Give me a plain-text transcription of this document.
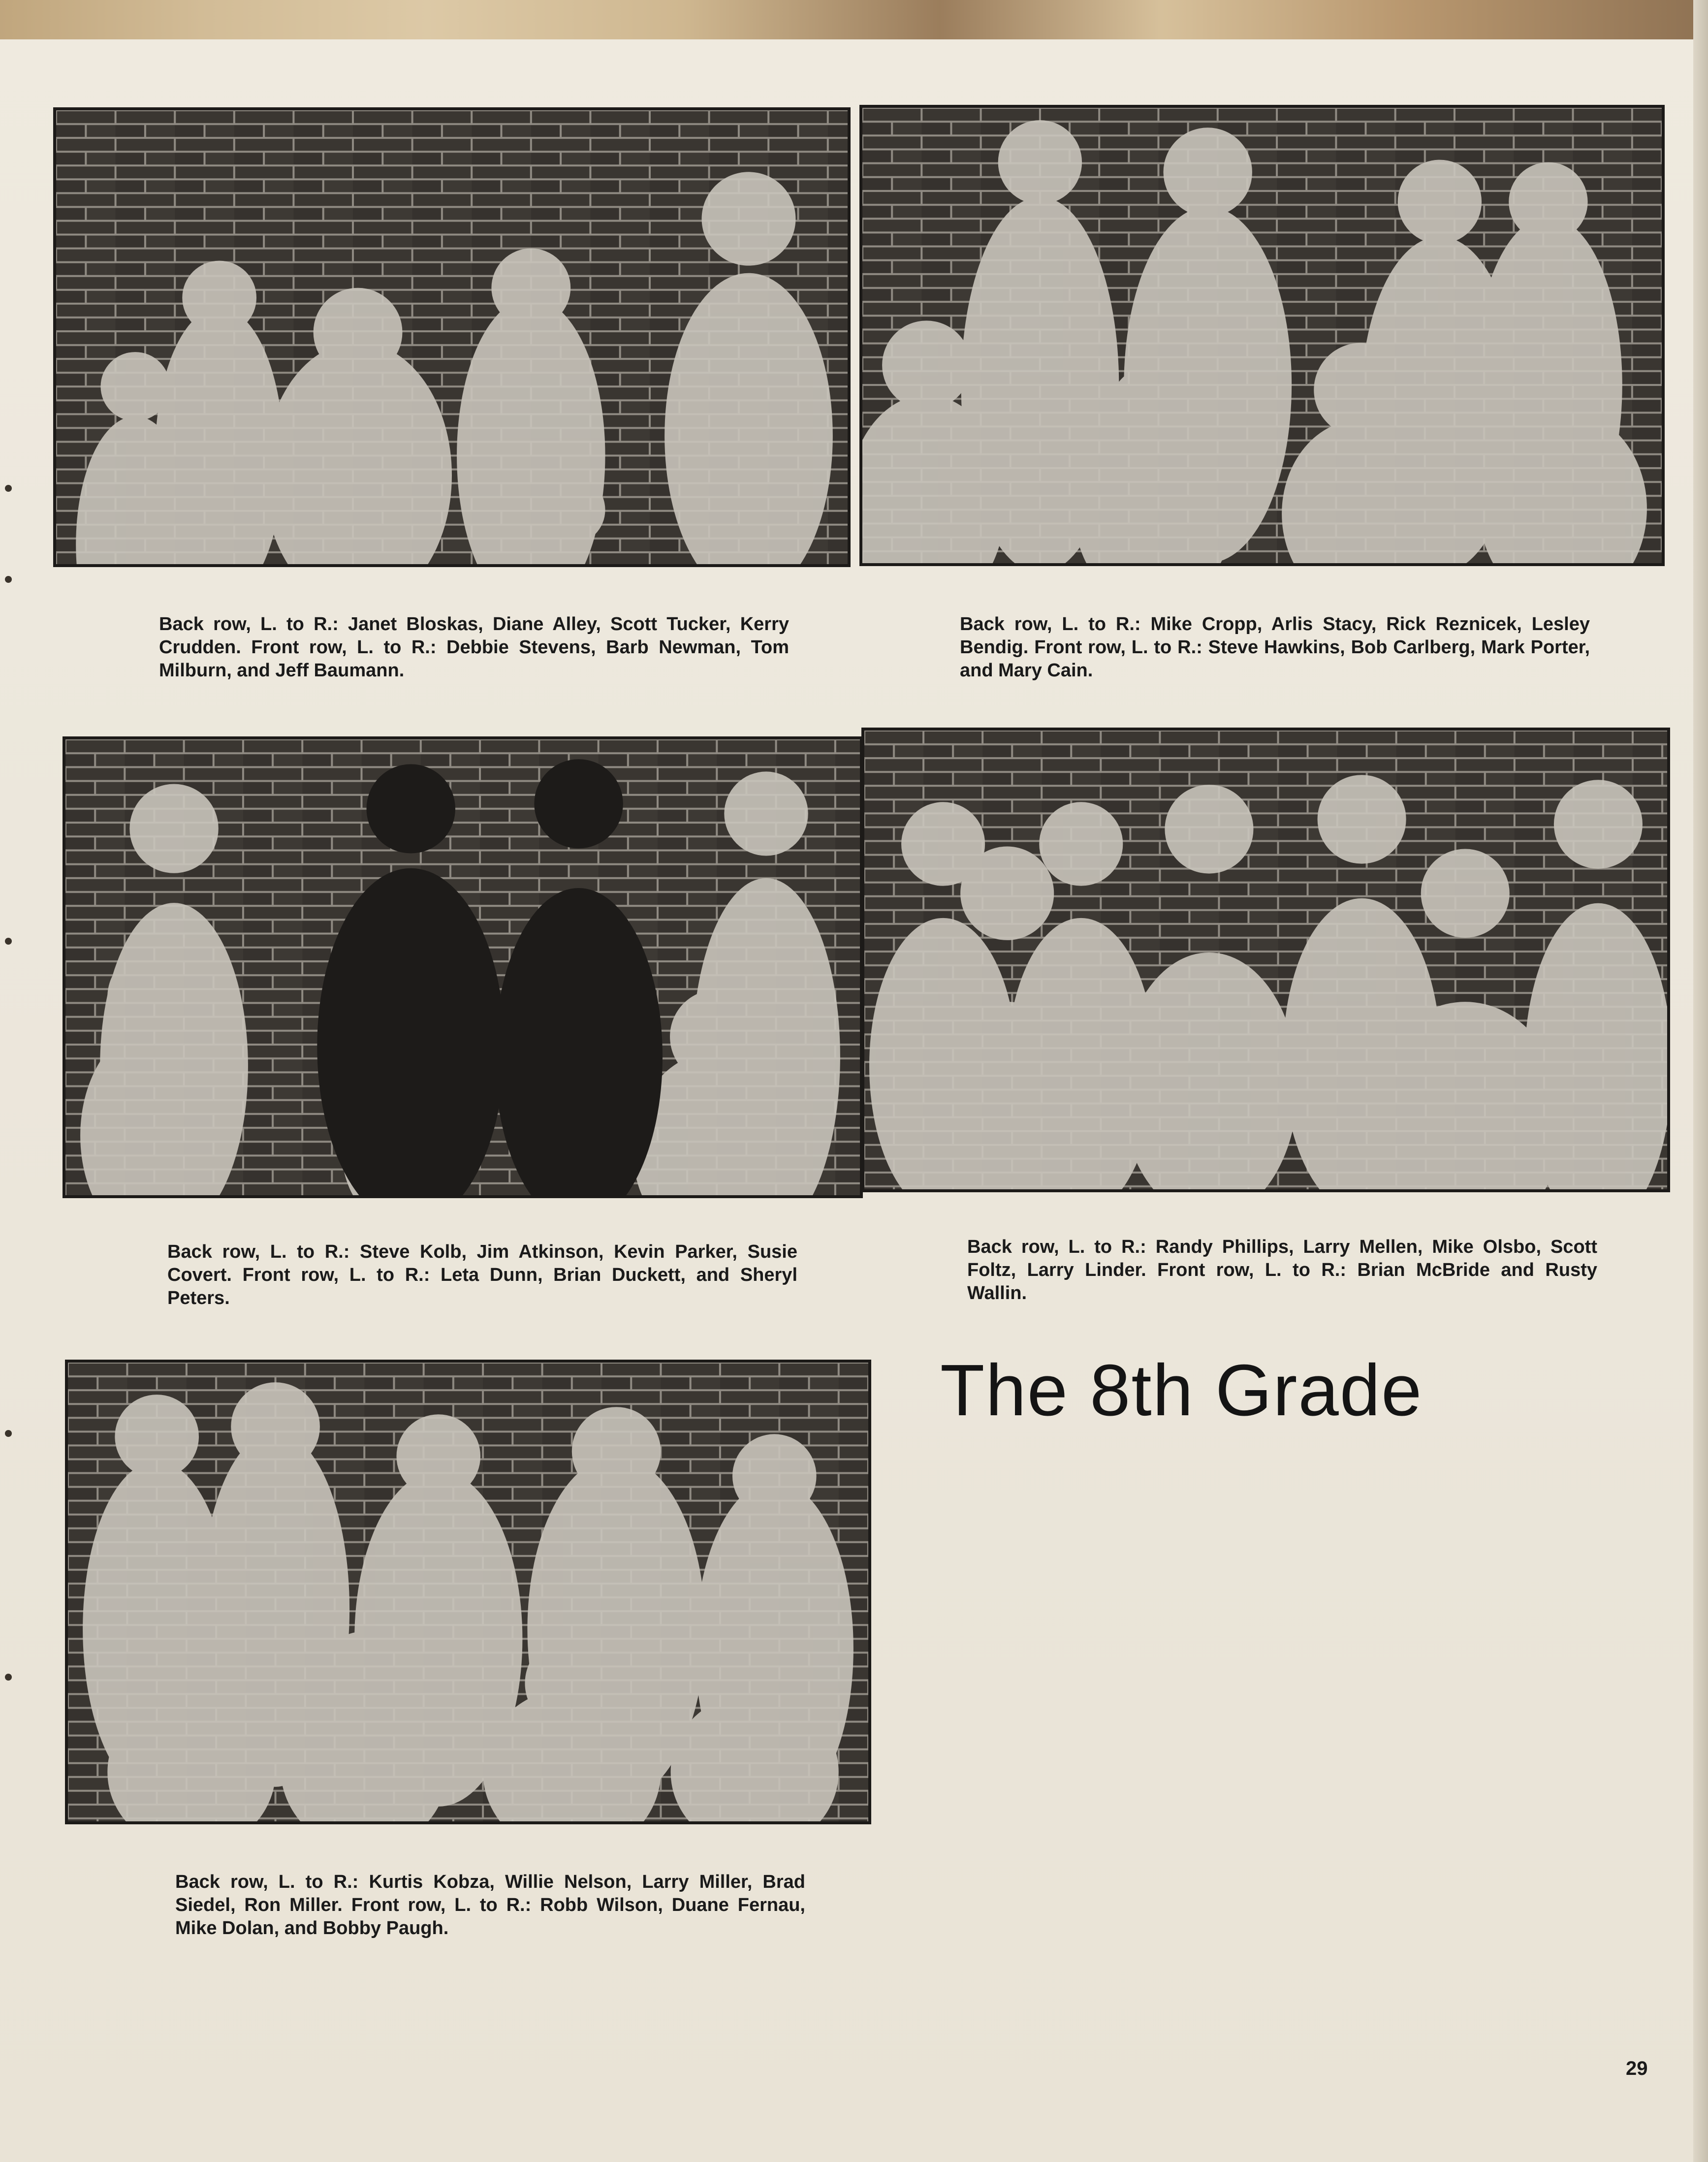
Back row, L. to R.: Janet Bloskas, Diane Alley, Scott Tucker, Kerry Crudden. Front row, L. to R.: Debbie Stevens, Barb Newman, Tom Milburn, and Jeff Baumann.

Back row, L. to R.: Mike Cropp, Arlis Stacy, Rick Reznicek, Lesley Bendig. Front row, L. to R.: Steve Hawkins, Bob Carlberg, Mark Porter, and Mary Cain.

Back row, L. to R.: Steve Kolb, Jim Atkinson, Kevin Parker, Susie Covert. Front row, L. to R.: Leta Dunn, Brian Duckett, and Sheryl Peters.

Back row, L. to R.: Randy Phillips, Larry Mellen, Mike Olsbo, Scott Foltz, Larry Linder. Front row, L. to R.: Brian McBride and Rusty Wallin.

Back row, L. to R.: Kurtis Kobza, Willie Nelson, Larry Miller, Brad Siedel, Ron Miller. Front row, L. to R.: Robb Wilson, Duane Fernau, Mike Dolan, and Bobby Paugh.

The 8th Grade
29
